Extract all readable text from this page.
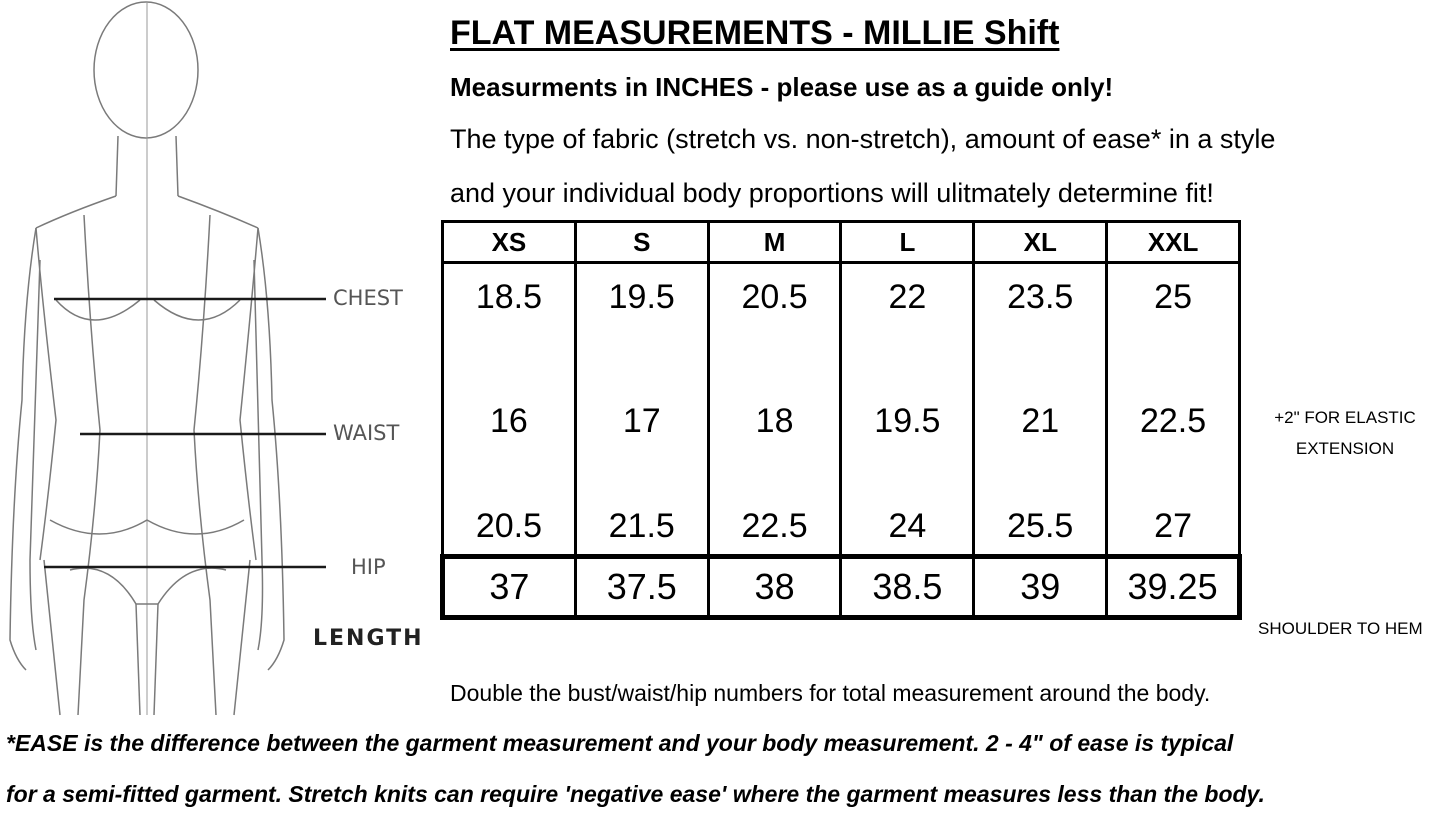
CHEST
WAIST
HIP
LENGTH
FLAT MEASUREMENTS - MILLIE Shift
Measurments in INCHES - please use as a guide only!
The type of fabric (stretch vs. non-stretch), amount of ease* in a style
and your individual body proportions will ulitmately determine fit!
XS	S	M	L	XL	XXL
18.5	19.5	20.5	22	23.5	25
16	17	18	19.5	21	22.5
20.5	21.5	22.5	24	25.5	27
37	37.5	38	38.5	39	39.25
+2" FOR ELASTIC
EXTENSION
SHOULDER TO HEM
Double the bust/waist/hip numbers for total measurement around the body.
*EASE is the difference between the garment measurement and your body measurement. 2 - 4" of ease is typical
for a semi-fitted garment. Stretch knits can require 'negative ease' where the garment measures less than the body.
